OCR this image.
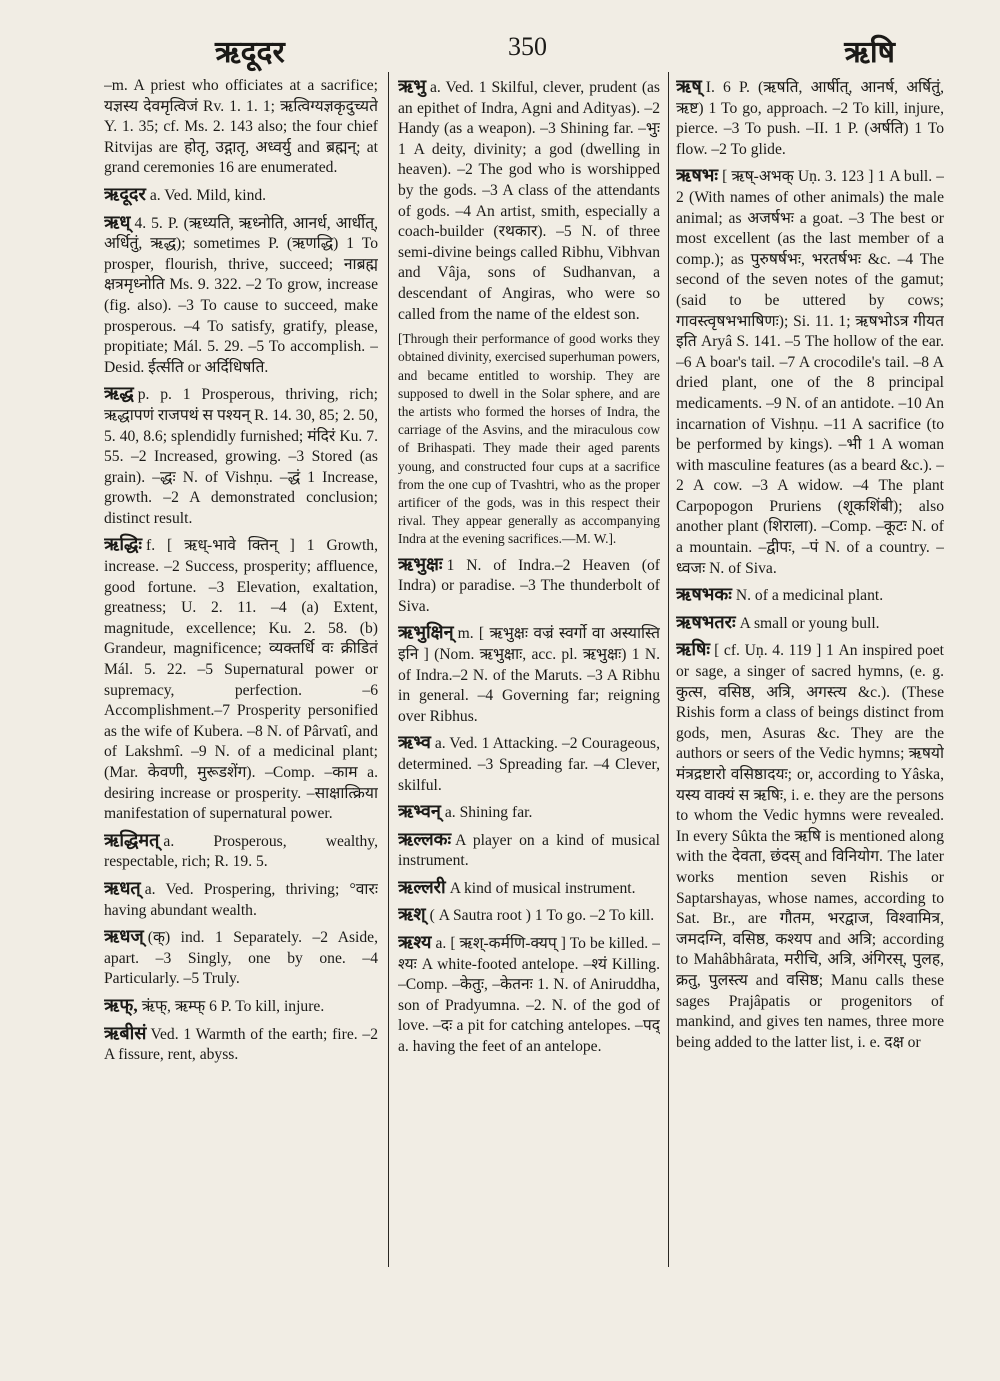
ऋदूदर	350	ऋषि

–m. A priest who officiates at a sacrifice; यज्ञस्य देवमृत्विजं Rv. 1. 1. 1; ऋत्विग्यज्ञकृदुच्यते Y. 1. 35; cf. Ms. 2. 143 also; the four chief Ritvijas are होतृ, उद्गातृ, अध्वर्यु and ब्रह्मन्; at grand ceremonies 16 are enumerated.

ऋदूदर a. Ved. Mild, kind.

ऋध् 4. 5. P. (ऋध्यति, ऋध्नोति, आनर्ध, आर्धीत्, अर्धितुं, ऋद्ध); sometimes P. (ऋणद्धि) 1 To prosper, flourish, thrive, succeed; नाब्रह्म क्षत्रमृध्नोति Ms. 9. 322. –2 To grow, increase (fig. also). –3 To cause to succeed, make prosperous. –4 To satisfy, gratify, please, propitiate; Mál. 5. 29. –5 To accomplish. –Desid. ईर्त्सति or अर्दिधिषति.

ऋद्ध p. p. 1 Prosperous, thriving, rich; ऋद्धापणं राजपथं स पश्यन् R. 14. 30, 85; 2. 50, 5. 40, 8.6; splendidly furnished; मंदिरं Ku. 7. 55. –2 Increased, growing. –3 Stored (as grain). –द्धः N. of Vishṇu. –द्धं 1 Increase, growth. –2 A demonstrated conclusion; distinct result.

ऋद्धिः f. [ ऋध्-भावे क्तिन् ] 1 Growth, increase. –2 Success, prosperity; affluence, good fortune. –3 Elevation, exaltation, greatness; U. 2. 11. –4 (a) Extent, magnitude, excellence; Ku. 2. 58. (b) Grandeur, magnificence; व्यक्तर्धि वः क्रीडितं Mál. 5. 22. –5 Supernatural power or supremacy, perfection. –6 Accomplishment.–7 Prosperity personified as the wife of Kubera. –8 N. of Pârvatî, and of Lakshmî. –9 N. of a medicinal plant; (Mar. केवणी, मुरूडशेंग). –Comp. –काम a. desiring increase or prosperity. –साक्षात्क्रिया manifestation of supernatural power.

ऋद्धिमत् a. Prosperous, wealthy, respectable, rich; R. 19. 5.

ऋधत् a. Ved. Prospering, thriving; °वारः having abundant wealth.

ऋधज् (क्) ind. 1 Separately. –2 Aside, apart. –3 Singly, one by one. –4 Particularly. –5 Truly.

ऋफ्, ऋंफ्, ऋम्फ् 6 P. To kill, injure.

ऋबीसं Ved. 1 Warmth of the earth; fire. –2 A fissure, rent, abyss.

ऋभु a. Ved. 1 Skilful, clever, prudent (as an epithet of Indra, Agni and Adityas). –2 Handy (as a weapon). –3 Shining far. –भुः 1 A deity, divinity; a god (dwelling in heaven). –2 The god who is worshipped by the gods. –3 A class of the attendants of gods. –4 An artist, smith, especially a coach-builder (रथकार). –5 N. of three semi-divine beings called Ribhu, Vibhvan and Vâja, sons of Sudhanvan, a descendant of Angiras, who were so called from the name of the eldest son.

[Through their performance of good works they obtained divinity, exercised superhuman powers, and became entitled to worship. They are supposed to dwell in the Solar sphere, and are the artists who formed the horses of Indra, the carriage of the Asvins, and the miraculous cow of Brihaspati. They made their aged parents young, and constructed four cups at a sacrifice from the one cup of Tvashtri, who as the proper artificer of the gods, was in this respect their rival. They appear generally as accompanying Indra at the evening sacrifices.—M. W.].

ऋभुक्षः 1 N. of Indra.–2 Heaven (of Indra) or paradise. –3 The thunderbolt of Siva.

ऋभुक्षिन् m. [ ऋभुक्षः वज्रं स्वर्गो वा अस्यास्ति इनि ] (Nom. ऋभुक्षाः, acc. pl. ऋभुक्षः) 1 N. of Indra.–2 N. of the Maruts. –3 A Ribhu in general. –4 Governing far; reigning over Ribhus.

ऋभ्व a. Ved. 1 Attacking. –2 Courageous, determined. –3 Spreading far. –4 Clever, skilful.

ऋभ्वन् a. Shining far.

ऋल्लकः A player on a kind of musical instrument.

ऋल्लरी A kind of musical instrument.

ऋश् ( A Sautra root ) 1 To go. –2 To kill.

ऋश्य a. [ ऋश्-कर्मणि-क्यप् ] To be killed. –श्यः A white-footed antelope. –श्यं Killing. –Comp. –केतुः, –केतनः 1. N. of Aniruddha, son of Pradyumna. –2. N. of the god of love. –दः a pit for catching antelopes. –पद् a. having the feet of an antelope.

ऋष् I. 6 P. (ऋषति, आर्षीत्, आनर्ष, अर्षितुं, ऋष्ट) 1 To go, approach. –2 To kill, injure, pierce. –3 To push. –II. 1 P. (अर्षति) 1 To flow. –2 To glide.

ऋषभः [ ऋष्-अभक् Uṇ. 3. 123 ] 1 A bull. –2 (With names of other animals) the male animal; as अजर्षभः a goat. –3 The best or most excellent (as the last member of a comp.); as पुरुषर्षभः, भरतर्षभः &c. –4 The second of the seven notes of the gamut; (said to be uttered by cows; गावस्त्वृषभभाषिणः); Si. 11. 1; ऋषभोऽत्र गीयत इति Aryâ S. 141. –5 The hollow of the ear. –6 A boar's tail. –7 A crocodile's tail. –8 A dried plant, one of the 8 principal medicaments. –9 N. of an antidote. –10 An incarnation of Vishṇu. –11 A sacrifice (to be performed by kings). –भी 1 A woman with masculine features (as a beard &c.). –2 A cow. –3 A widow. –4 The plant Carpopogon Pruriens (शूकशिंबी); also another plant (शिराला). –Comp. –कूटः N. of a mountain. –द्वीपः, –पं N. of a country. –ध्वजः N. of Siva.

ऋषभकः N. of a medicinal plant.

ऋषभतरः A small or young bull.

ऋषिः [ cf. Uṇ. 4. 119 ] 1 An inspired poet or sage, a singer of sacred hymns, (e. g. कुत्स, वसिष्ठ, अत्रि, अगस्त्य &c.). (These Rishis form a class of beings distinct from gods, men, Asuras &c. They are the authors or seers of the Vedic hymns; ऋषयो मंत्रद्रष्टारो वसिष्ठादयः; or, according to Yâska, यस्य वाक्यं स ऋषिः, i. e. they are the persons to whom the Vedic hymns were revealed. In every Sûkta the ऋषि is mentioned along with the देवता, छंदस् and विनियोग. The later works mention seven Rishis or Saptarshayas, whose names, according to Sat. Br., are गौतम, भरद्वाज, विश्वामित्र, जमदग्नि, वसिष्ठ, कश्यप and अत्रि; according to Mahâbhârata, मरीचि, अत्रि, अंगिरस्, पुलह, क्रतु, पुलस्त्य and वसिष्ठ; Manu calls these sages Prajâpatis or progenitors of mankind, and gives ten names, three more being added to the latter list, i. e. दक्ष or
